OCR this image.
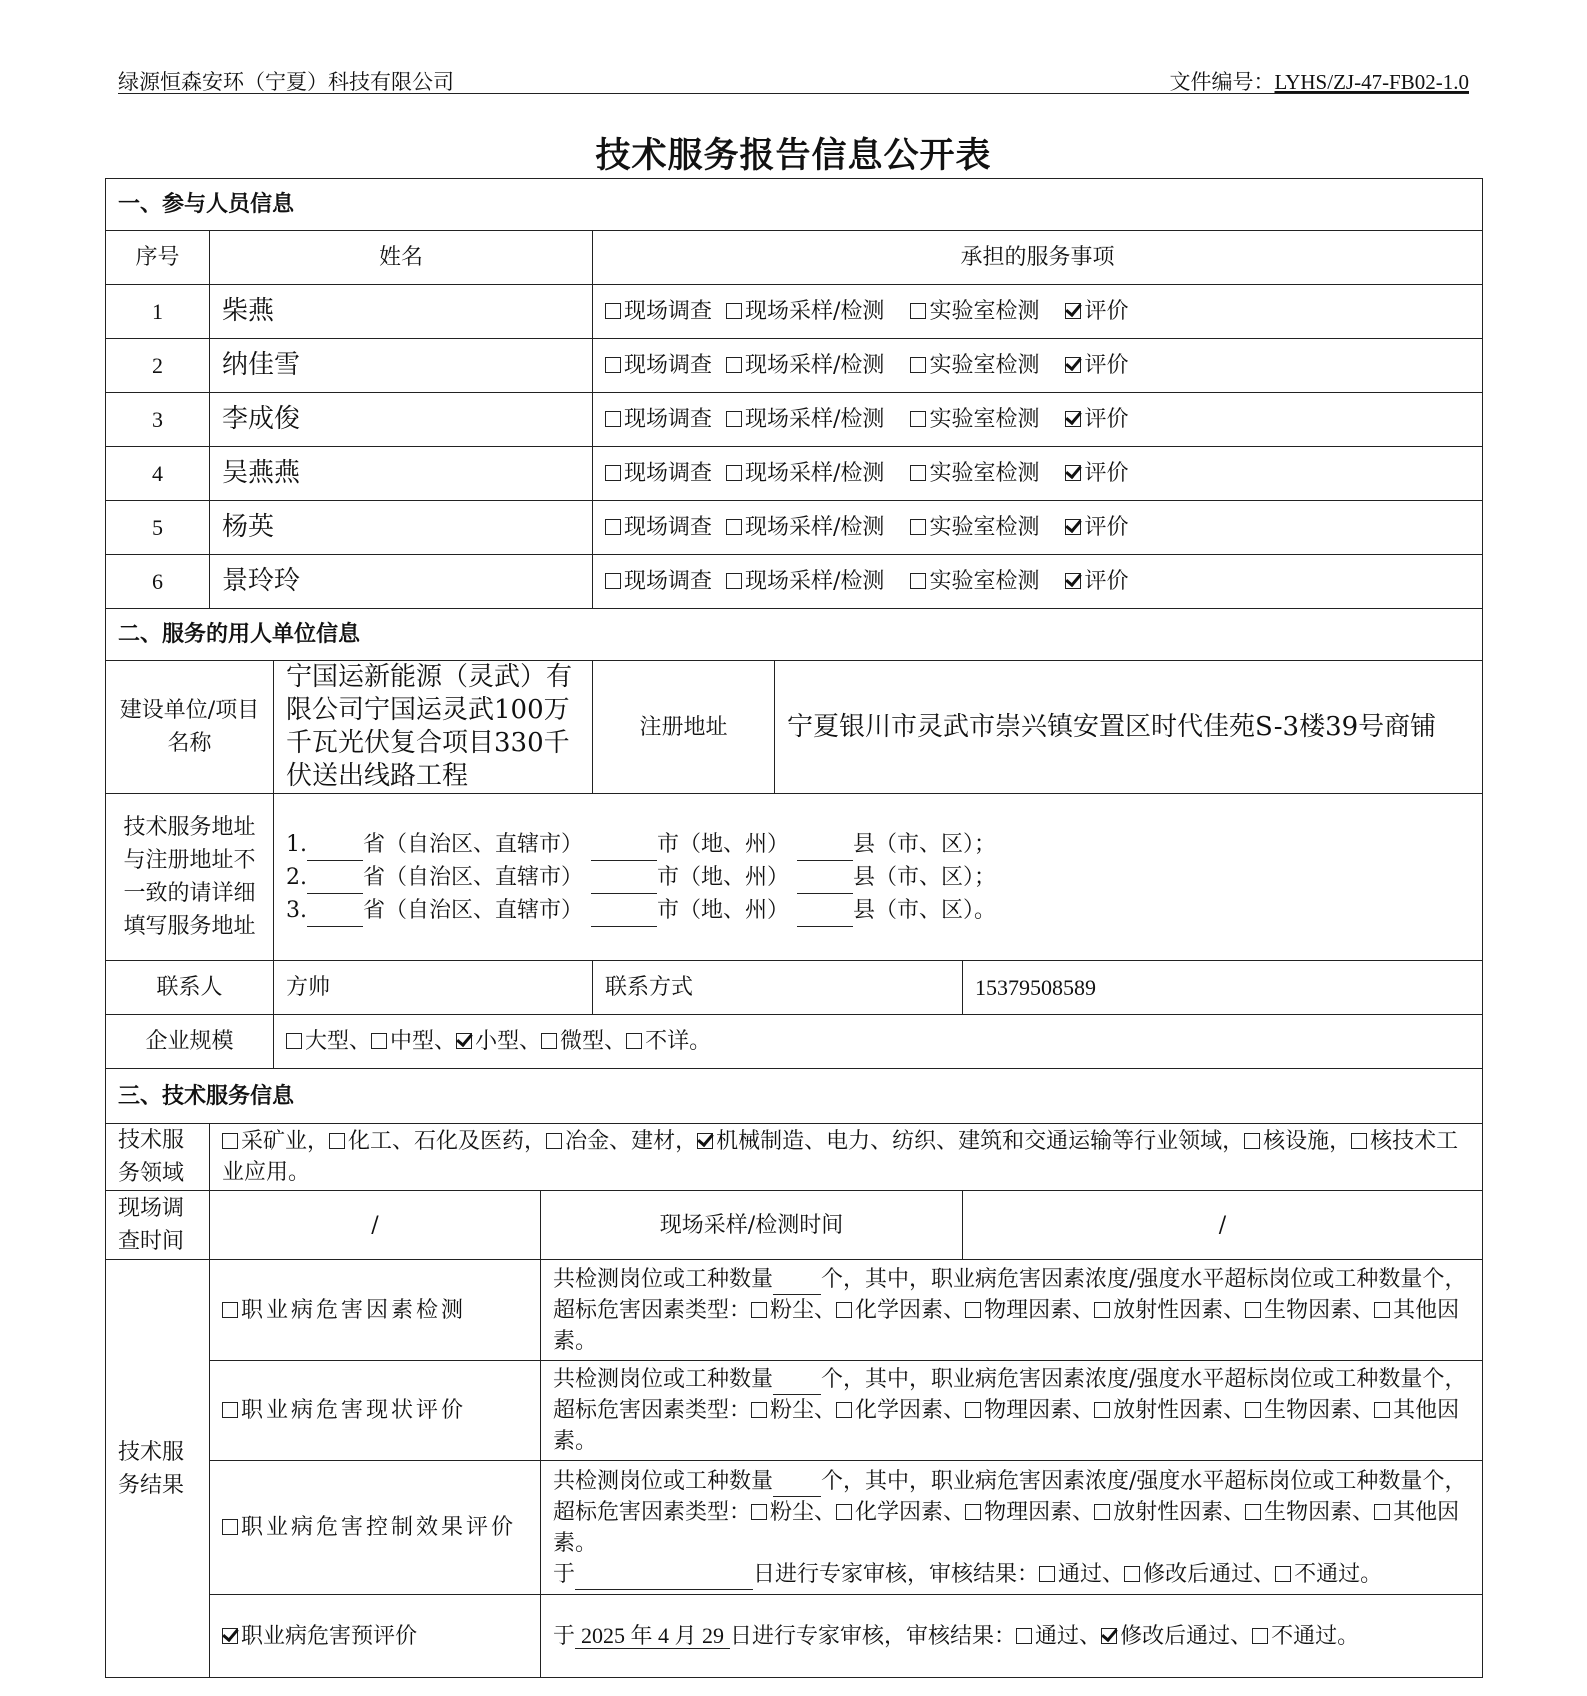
绿源恒森安环（宁夏）科技有限公司	文件编号：LYHS/ZJ-47-FB02-1.0
技术服务报告信息公开表
一、参与人员信息						
序号	姓名			承担的服务事项		
1	柴燕			现场调查 现场采样/检测 实验室检测 评价		
2	纳佳雪			现场调查 现场采样/检测 实验室检测 评价		
3	李成俊			现场调查 现场采样/检测 实验室检测 评价		
4	吴燕燕			现场调查 现场采样/检测 实验室检测 评价		
5	杨英			现场调查 现场采样/检测 实验室检测 评价		
6	景玲玲			现场调查 现场采样/检测 实验室检测 评价		
二、服务的用人单位信息						
建设单位/项目名称		宁国运新能源（灵武）有限公司宁国运灵武100万千瓦光伏复合项目330千伏送出线路工程		注册地址	宁夏银川市灵武市崇兴镇安置区时代佳苑S-3楼39号商铺	
技术服务地址与注册地址不一致的请详细填写服务地址		1. 省（自治区、直辖市） 市（地、州） 县（市、区）；
2. 省（自治区、直辖市） 市（地、州） 县（市、区）；
3. 省（自治区、直辖市） 市（地、州） 县（市、区）。				

联系人		方帅		联系方式		15379508589
企业规模		大型、 中型、 小型、 微型、 不详。				
三、技术服务信息						
技术服务领域	采矿业， 化工、石化及医药， 冶金、建材， 机械制造、电力、纺织、建筑和交通运输等行业领域， 核设施， 核技术工业应用。					
现场调查时间	/		现场采样/检测时间			/
技术服务结果	职业病危害因素检测		共检测岗位或工种数量 个，其中，职业病危害因素浓度/强度水平超标岗位或工种数量个，超标危害因素类型： 粉尘、 化学因素、 物理因素、 放射性因素、 生物因素、 其他因素。			
	职业病危害现状评价		共检测岗位或工种数量 个，其中，职业病危害因素浓度/强度水平超标岗位或工种数量个，超标危害因素类型： 粉尘、 化学因素、 物理因素、 放射性因素、 生物因素、 其他因素。			
	职业病危害控制效果评价		共检测岗位或工种数量 个，其中，职业病危害因素浓度/强度水平超标岗位或工种数量个，超标危害因素类型： 粉尘、 化学因素、 物理因素、 放射性因素、 生物因素、 其他因素。
于 日进行专家审核，审核结果： 通过、 修改后通过、 不通过。			

	职业病危害预评价		于 2025 年 4 月 29 日进行专家审核，审核结果： 通过、 修改后通过、 不通过。			
